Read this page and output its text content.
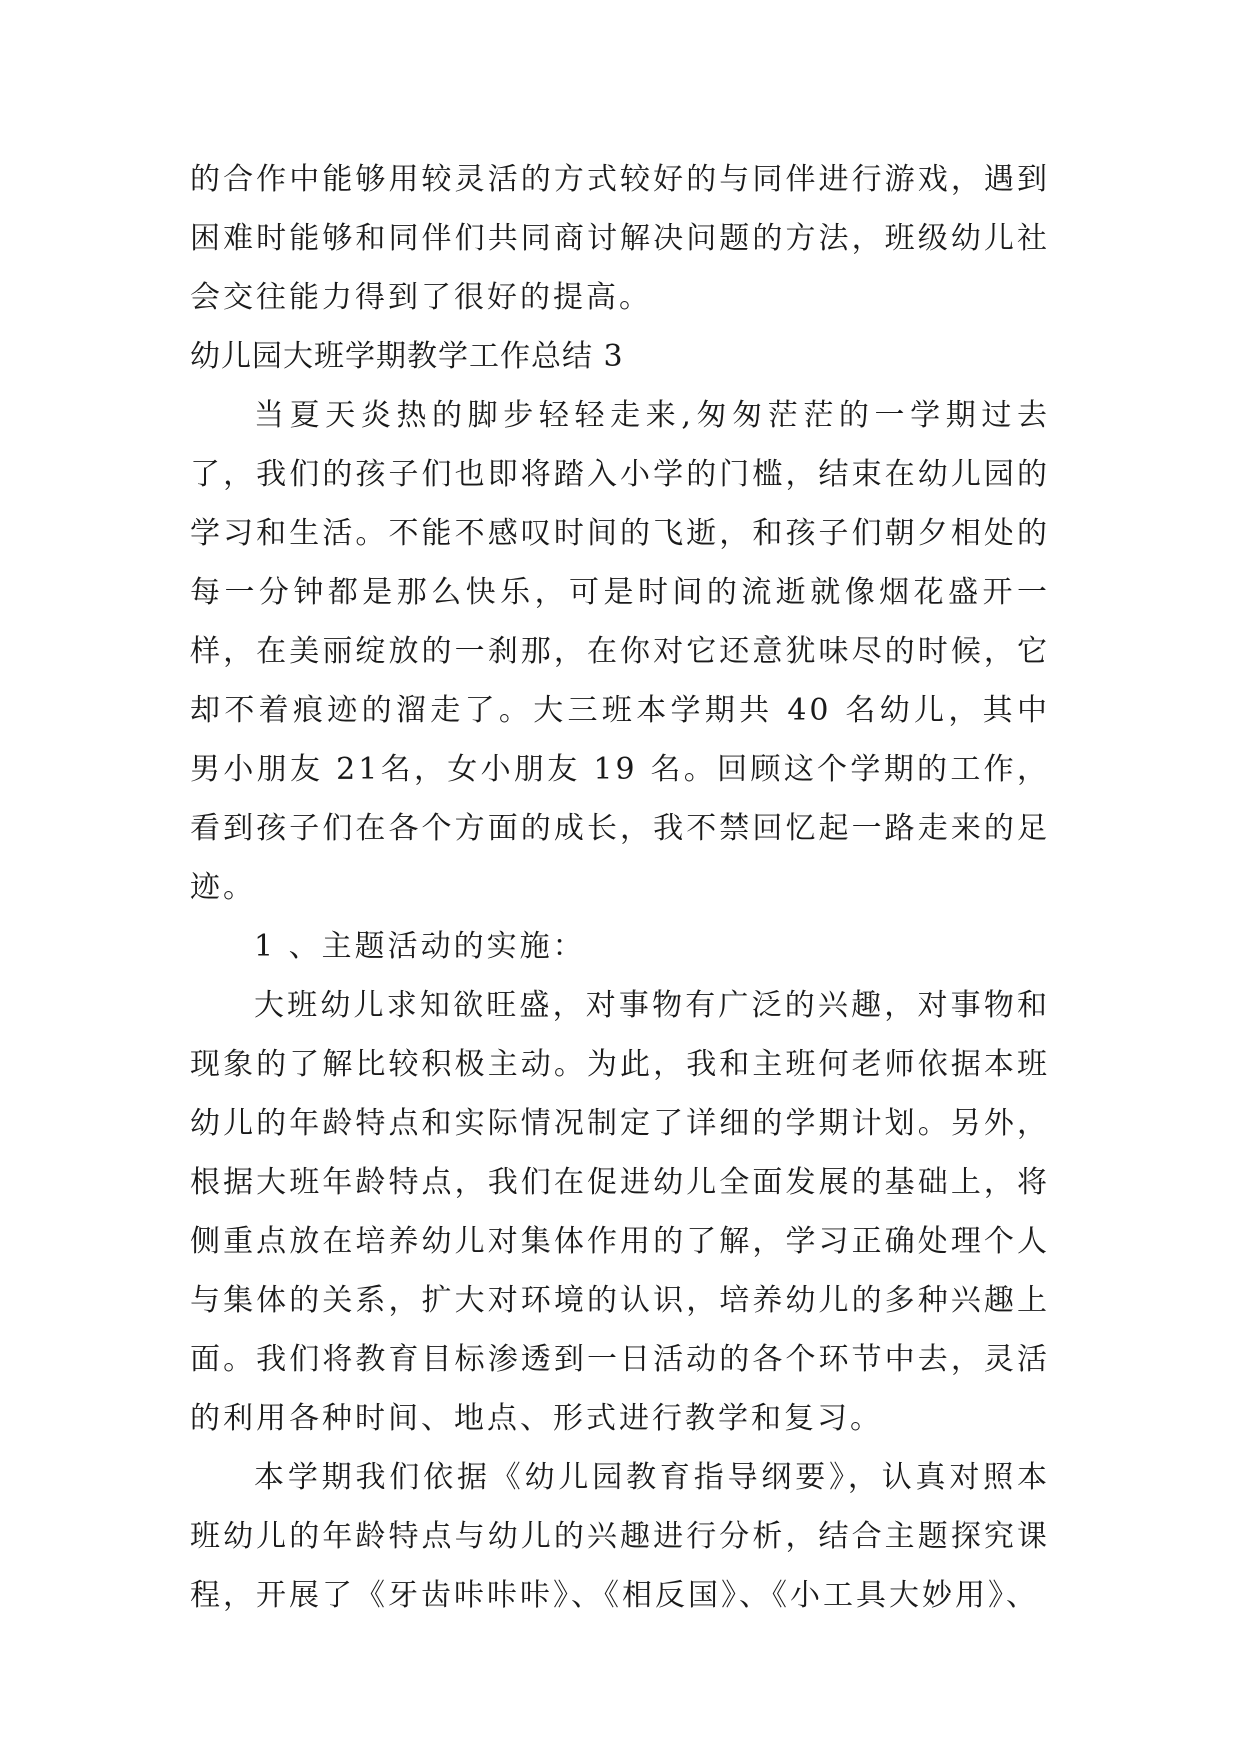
的合作中能够用较灵活的方式较好的与同伴进行游戏，遇到困难时能够和同伴们共同商讨解决问题的方法，班级幼儿社会交往能力得到了很好的提高。

幼儿园大班学期教学工作总结 3

当夏天炎热的脚步轻轻走来,匆匆茫茫的一学期过去了，我们的孩子们也即将踏入小学的门槛，结束在幼儿园的学习和生活。不能不感叹时间的飞逝，和孩子们朝夕相处的每一分钟都是那么快乐，可是时间的流逝就像烟花盛开一样，在美丽绽放的一刹那，在你对它还意犹味尽的时候，它却不着痕迹的溜走了。大三班本学期共 40 名幼儿，其中男小朋友 21名，女小朋友 19 名。回顾这个学期的工作，看到孩子们在各个方面的成长，我不禁回忆起一路走来的足迹。

1 、主题活动的实施：

大班幼儿求知欲旺盛，对事物有广泛的兴趣，对事物和现象的了解比较积极主动。为此，我和主班何老师依据本班幼儿的年龄特点和实际情况制定了详细的学期计划。另外，根据大班年龄特点，我们在促进幼儿全面发展的基础上，将侧重点放在培养幼儿对集体作用的了解，学习正确处理个人与集体的关系，扩大对环境的认识，培养幼儿的多种兴趣上面。我们将教育目标渗透到一日活动的各个环节中去，灵活的利用各种时间、地点、形式进行教学和复习。

本学期我们依据《幼儿园教育指导纲要》，认真对照本班幼儿的年龄特点与幼儿的兴趣进行分析，结合主题探究课程，开展了《牙齿咔咔咔》、《相反国》、《小工具大妙用》、
